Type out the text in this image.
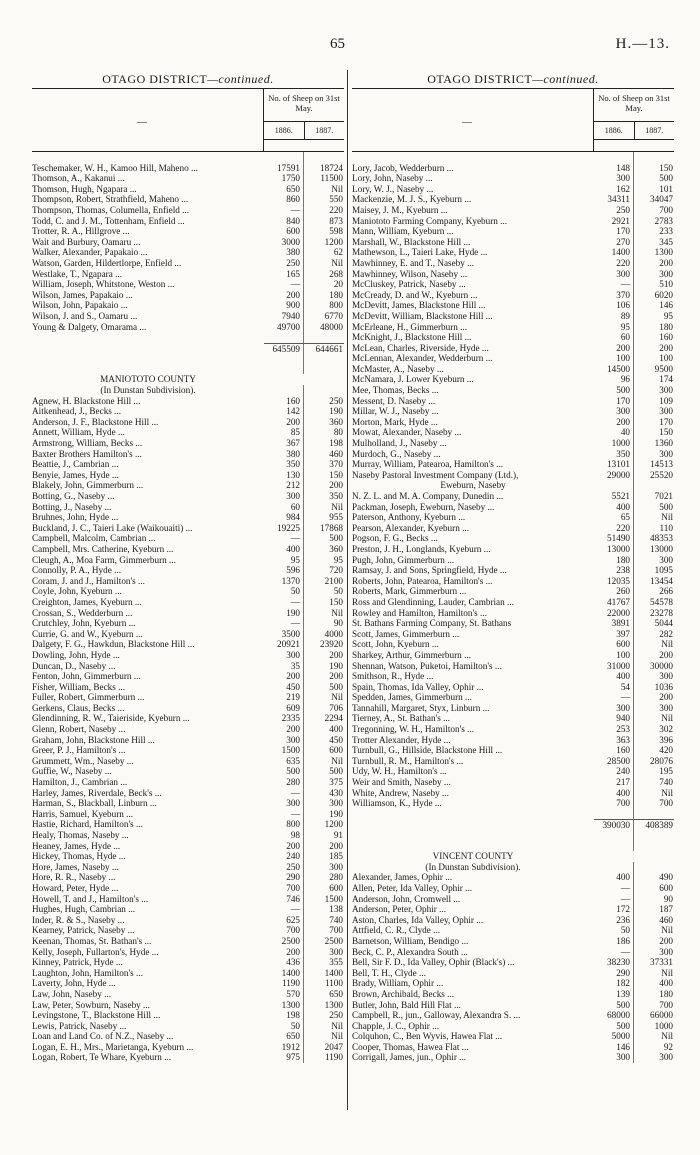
65	H.—13.
OTAGO DISTRICT—continued.
—
No. of Sheep on 31st May.
1886.	1887.
Teschemaker, W. H., Kamoo Hill, Maheno ...	17591	18724
Thomson, A., Kakanui ...	1750	11500
Thomson, Hugh, Ngapara ...	650	Nil
Thompson, Robert, Strathfield, Maheno ...	860	550
Thompson, Thomas, Columella, Enfield ...	—	220
Todd, C. and J. M., Tottenham, Enfield ...	840	873
Trotter, R. A., Hillgrove ...	600	598
Wait and Burbury, Oamaru ...	3000	1200
Walker, Alexander, Papakaio ...	380	62
Watson, Garden, Hildertlorpe, Enfield ...	250	Nil
Westlake, T., Ngapara ...	165	268
William, Joseph, Whitstone, Weston ...	—	20
Wilson, James, Papakaio ...	200	180
Wilson, John, Papakaio ...	900	800
Wilson, J. and S., Oamaru ...	7940	6770
Young & Dalgety, Omarama ...	49700	48000
645509	644661
MANIOTOTO COUNTY
(In Dunstan Subdivision).
Agnew, H. Blackstone Hill ...	160	250
Aitkenhead, J., Becks ...	142	190
Anderson, J. F., Blackstone Hill ...	200	360
Annett, William, Hyde ...	85	80
Armstrong, William, Becks ...	367	198
Baxter Brothers Hamilton's ...	380	460
Beattie, J., Cambrian ...	350	370
Benyie, James, Hyde ...	130	150
Blakely, John, Gimmerburn ...	212	200
Botting, G., Naseby ...	300	350
Botting, J., Naseby ...	60	Nil
Bruhnes, John, Hyde ...	984	955
Buckland, J. C., Taieri Lake (Waikouaiti) ...	19225	17868
Campbell, Malcolm, Cambrian ...	—	500
Campbell, Mrs. Catherine, Kyeburn ...	400	360
Cleugh, A., Moa Farm, Gimmerburn ...	95	95
Connolly, P. A., Hyde ...	596	720
Coram, J. and J., Hamilton's ...	1370	2100
Coyle, John, Kyeburn ...	50	50
Creighton, James, Kyeburn ...	—	150
Crossan, S., Wedderburn ...	190	Nil
Crutchley, John, Kyeburn ...	—	90
Currie, G. and W., Kyeburn ...	3500	4000
Dalgety, F. G., Hawkdun, Blackstone Hill ...	20921	23920
Dowling, John, Hyde ...	300	200
Duncan, D., Naseby ...	35	190
Fenton, John, Gimmerburn ...	200	200
Fisher, William, Becks ...	450	500
Fuller, Robert, Gimmerburn ...	219	Nil
Gerkens, Claus, Becks ...	609	706
Glendinning, R. W., Taieriside, Kyeburn ...	2335	2294
Glenn, Robert, Naseby ...	200	400
Graham, John, Blackstone Hill ...	300	450
Greer, P. J., Hamilton's ...	1500	600
Grummett, Wm., Naseby ...	635	Nil
Guffie, W., Naseby ...	500	500
Hamilton, J., Cambrian ...	280	375
Harley, James, Riverdale, Beck's ...	—	430
Harman, S., Blackball, Linburn ...	300	300
Harris, Samuel, Kyeburn ...	—	190
Hastie, Richard, Hamilton's ...	800	1200
Healy, Thomas, Naseby ...	98	91
Heaney, James, Hyde ...	200	200
Hickey, Thomas, Hyde ...	240	185
Hore, James, Naseby ...	250	300
Hore, R. R., Naseby ...	290	280
Howard, Peter, Hyde ...	700	600
Howell, T. and J., Hamilton's ...	746	1500
Hughes, Hugh, Cambrian ...	—	138
Inder, R. & S., Naseby ...	625	740
Kearney, Patrick, Naseby ...	700	700
Keenan, Thomas, St. Bathan's ...	2500	2500
Kelly, Joseph, Fullarton's, Hyde ...	200	300
Kinney, Patrick, Hyde ...	436	355
Laughton, John, Hamilton's ...	1400	1400
Laverty, John, Hyde ...	1190	1100
Law, John, Naseby ...	570	650
Law, Peter, Sowburn, Naseby ...	1300	1300
Levingstone, T., Blackstone Hill ...	198	250
Lewis, Patrick, Naseby ...	50	Nil
Loan and Land Co. of N.Z., Naseby ...	650	Nil
Logan, E. H., Mrs., Marietanga, Kyeburn ...	1912	2047
Logan, Robert, Te Whare, Kyeburn ...	975	1190
OTAGO DISTRICT—continued.
—
No. of Sheep on 31st May.
1886.	1887.
Lory, Jacob, Wedderburn ...	148	150
Lory, John, Naseby ...	300	500
Lory, W. J., Naseby ...	162	101
Mackenzie, M. J. S., Kyeburn ...	34311	34047
Maisey, J. M., Kyeburn ...	250	700
Maniototo Farming Company, Kyeburn ...	2921	2783
Mann, William, Kyeburn ...	170	233
Marshall, W., Blackstone Hill ...	270	345
Mathewson, L., Taieri Lake, Hyde ...	1400	1300
Mawhinney, E. and T., Naseby ...	220	200
Mawhinney, Wilson, Naseby ...	300	300
McCluskey, Patrick, Naseby ...	—	510
McCready, D. and W., Kyeburn ...	370	6020
McDevitt, James, Blackstone Hill ...	106	146
McDevitt, William, Blackstone Hill ...	89	95
McErleane, H., Gimmerburn ...	95	180
McKnight, J., Blackstone Hill ...	60	160
McLean, Charles, Riverside, Hyde ...	200	200
McLennan, Alexander, Wedderburn ...	100	100
McMaster, A., Naseby ...	14500	9500
McNamara, J. Lower Kyeburn ...	96	174
Mee, Thomas, Becks ...	500	300
Messent, D. Naseby ...	170	109
Millar, W. J., Naseby ...	300	300
Morton, Mark, Hyde ...	200	170
Mowat, Alexander, Naseby ...	40	150
Mulholland, J., Naseby ...	1000	1360
Murdoch, G., Naseby ...	350	300
Murray, William, Patearoa, Hamilton's ...	13101	14513
Naseby Pastoral Investment Company (Ltd.),	29000	25520
Eweburn, Naseby
N. Z. L. and M. A. Company, Dunedin ...	5521	7021
Packman, Joseph, Eweburn, Naseby ...	400	500
Paterson, Anthony, Kyeburn ...	65	Nil
Pearson, Alexander, Kyeburn ...	220	110
Pogson, F. G., Becks ...	51490	48353
Preston, J. H., Longlands, Kyeburn ...	13000	13000
Pugh, John, Gimmerburn ...	180	300
Ramsay, J. and Sons, Springfield, Hyde ...	238	1095
Roberts, John, Patearoa, Hamilton's ...	12035	13454
Roberts, Mark, Gimmerburn ...	260	266
Ross and Glendinning, Lauder, Cambrian ...	41767	54578
Rowley and Hamilton, Hamilton's ...	22000	23278
St. Bathans Farming Company, St. Bathans	3891	5044
Scott, James, Gimmerburn ...	397	282
Scott, John, Kyeburn ...	600	Nil
Sharkey, Arthur, Gimmerburn ...	100	200
Shennan, Watson, Puketoi, Hamilton's ...	31000	30000
Smithson, R., Hyde ...	400	300
Spain, Thomas, Ida Valley, Ophir ...	54	1036
Spedden, James, Gimmerburn ...	—	200
Tannahill, Margaret, Styx, Linburn ...	300	300
Tierney, A., St. Bathan's ...	940	Nil
Tregonning, W. H., Hamilton's ...	253	302
Trotter Alexander, Hyde ...	363	396
Turnbull, G., Hillside, Blackstone Hill ...	160	420
Turnbull, R. M., Hamilton's ...	28500	28076
Udy, W. H., Hamilton's ...	240	195
Weir and Smith, Naseby ...	217	740
White, Andrew, Naseby ...	400	Nil
Williamson, K., Hyde ...	700	700
390030	408389
VINCENT COUNTY
(In Dunstan Subdivision).
Alexander, James, Ophir ...	400	490
Allen, Peter, Ida Valley, Ophir ...	—	600
Anderson, John, Cromwell ...	—	90
Anderson, Peter, Ophir ...	172	187
Aston, Charles, Ida Valley, Ophir ...	236	460
Attfield, C. R., Clyde ...	50	Nil
Barnetson, William, Bendigo ...	186	200
Beck, C. P., Alexandra South ...	—	300
Bell, Sir F. D., Ida Valley, Ophir (Black's) ...	38230	37331
Bell, T. H., Clyde ...	290	Nil
Brady, William, Ophir ...	182	400
Brown, Archibald, Becks ...	139	180
Butler, John, Bald Hill Flat ...	500	700
Campbell, R., jun., Galloway, Alexandra S. ...	68000	66000
Chapple, J. C., Ophir ...	500	1000
Colquhon, C., Ben Wyvis, Hawea Flat ...	5000	Nil
Cooper, Thomas, Hawea Flat ...	146	92
Corrigall, James, jun., Ophir ...	300	300
